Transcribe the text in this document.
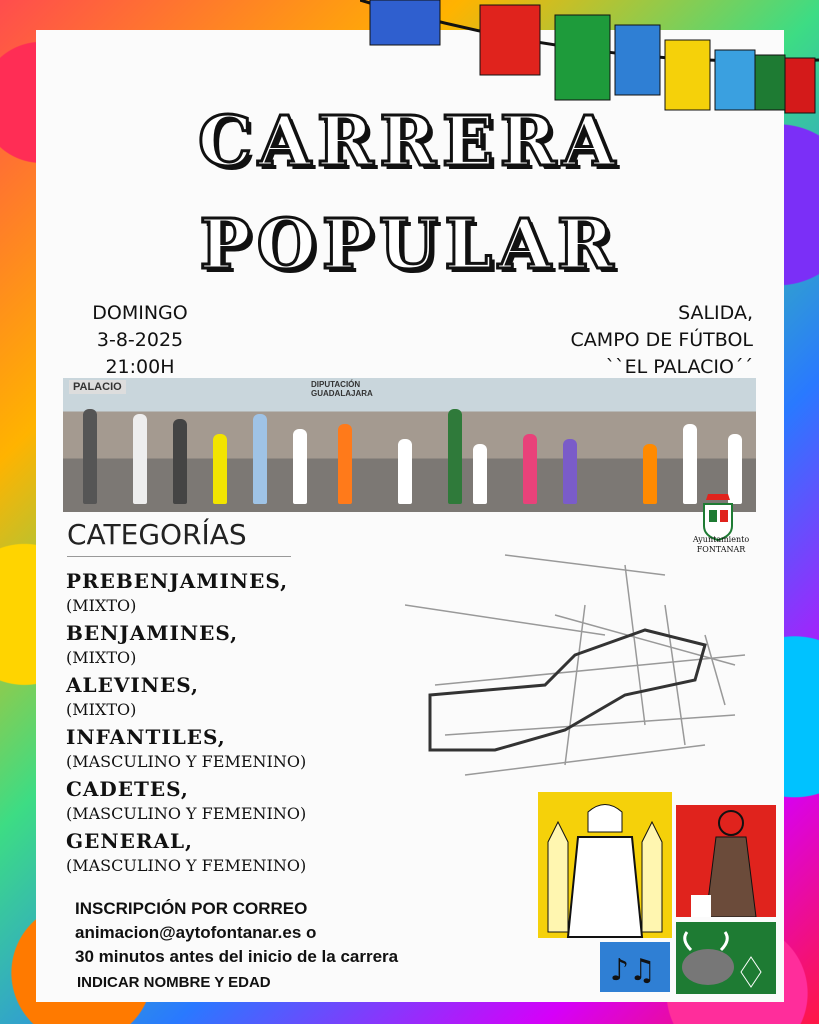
CARRERA
POPULAR
DOMINGO
3-8-2025
21:00H
SALIDA,
CAMPO DE FÚTBOL
``EL PALACIO´´
PALACIO	DIPUTACIÓN
GUADALAJARA
Ayuntamiento
FONTANAR
CATEGORÍAS
PREBENJAMINES,
(MIXTO)
BENJAMINES,
(MIXTO)
ALEVINES,
(MIXTO)
INFANTILES,
(MASCULINO Y FEMENINO)
CADETES,
(MASCULINO Y FEMENINO)
GENERAL,
(MASCULINO Y FEMENINO)
INSCRIPCIÓN POR CORREO
animacion@aytofontanar.es o
30 minutos antes del inicio de la carrera
INDICAR NOMBRE Y EDAD	♪♫
